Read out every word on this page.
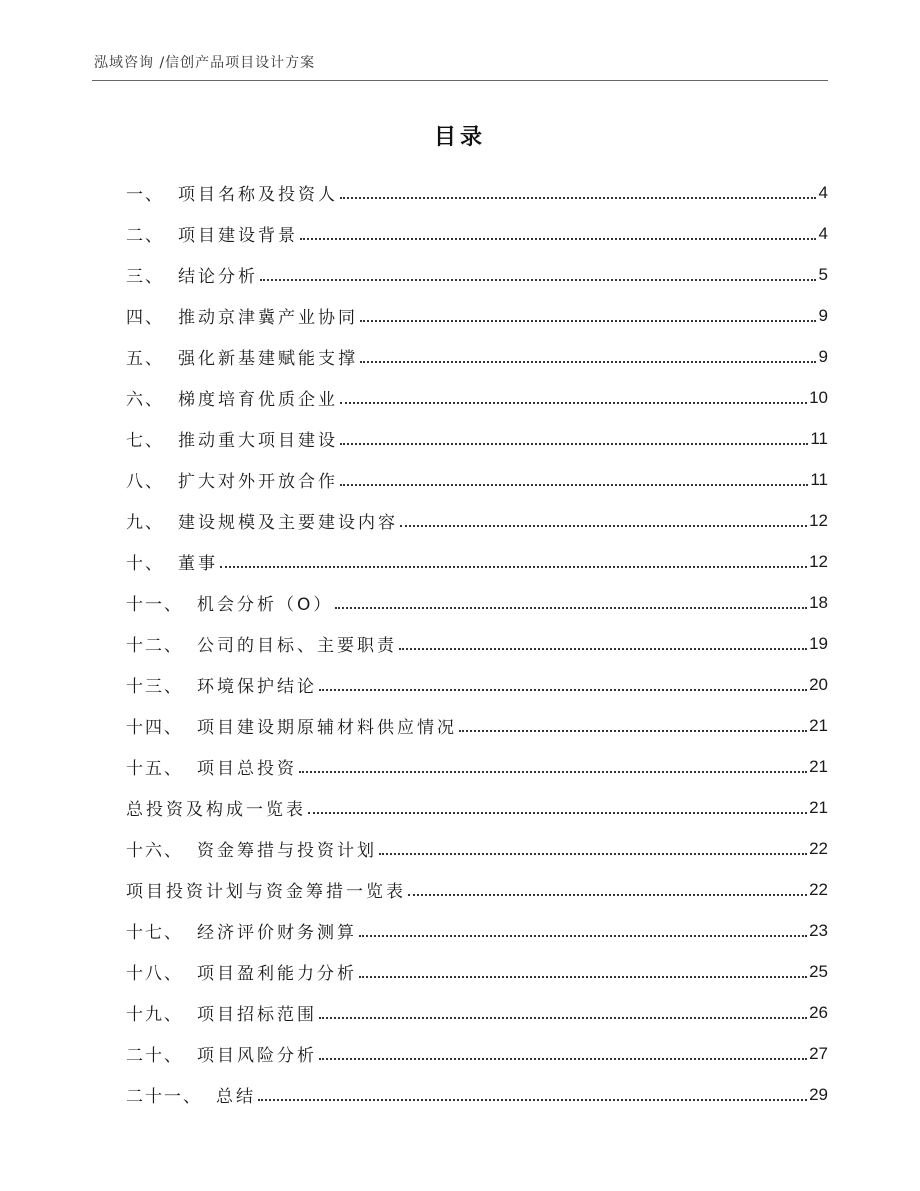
泓域咨询 /信创产品项目设计方案
目录
一、 项目名称及投资人	4
二、 项目建设背景	4
三、 结论分析	5
四、 推动京津冀产业协同	9
五、 强化新基建赋能支撑	9
六、 梯度培育优质企业	10
七、 推动重大项目建设	11
八、 扩大对外开放合作	11
九、 建设规模及主要建设内容	12
十、 董事	12
十一、 机会分析（O）	18
十二、 公司的目标、主要职责	19
十三、 环境保护结论	20
十四、 项目建设期原辅材料供应情况	21
十五、 项目总投资	21
总投资及构成一览表	21
十六、 资金筹措与投资计划	22
项目投资计划与资金筹措一览表	22
十七、 经济评价财务测算	23
十八、 项目盈利能力分析	25
十九、 项目招标范围	26
二十、 项目风险分析	27
二十一、 总结	29
